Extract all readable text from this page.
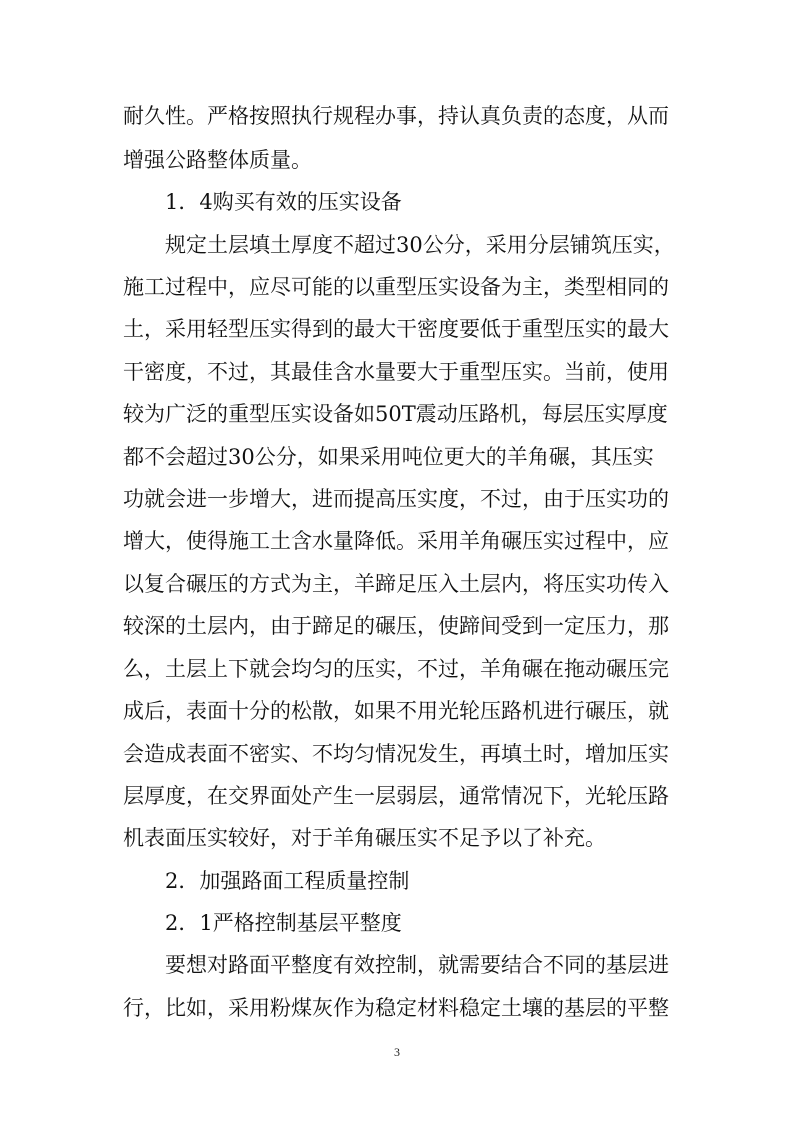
耐久性。严格按照执行规程办事，持认真负责的态度，从而
增强公路整体质量。
1．4购买有效的压实设备
规定土层填土厚度不超过30公分，采用分层铺筑压实，
施工过程中，应尽可能的以重型压实设备为主，类型相同的
土，采用轻型压实得到的最大干密度要低于重型压实的最大
干密度，不过，其最佳含水量要大于重型压实。当前，使用
较为广泛的重型压实设备如50T震动压路机，每层压实厚度
都不会超过30公分，如果采用吨位更大的羊角碾，其压实
功就会进一步增大，进而提高压实度，不过，由于压实功的
增大，使得施工土含水量降低。采用羊角碾压实过程中，应
以复合碾压的方式为主，羊蹄足压入土层内，将压实功传入
较深的土层内，由于蹄足的碾压，使蹄间受到一定压力，那
么，土层上下就会均匀的压实，不过，羊角碾在拖动碾压完
成后，表面十分的松散，如果不用光轮压路机进行碾压，就
会造成表面不密实、不均匀情况发生，再填土时，增加压实
层厚度，在交界面处产生一层弱层，通常情况下，光轮压路
机表面压实较好，对于羊角碾压实不足予以了补充。
2．加强路面工程质量控制
2．1严格控制基层平整度
要想对路面平整度有效控制，就需要结合不同的基层进
行，比如，采用粉煤灰作为稳定材料稳定土壤的基层的平整
3
